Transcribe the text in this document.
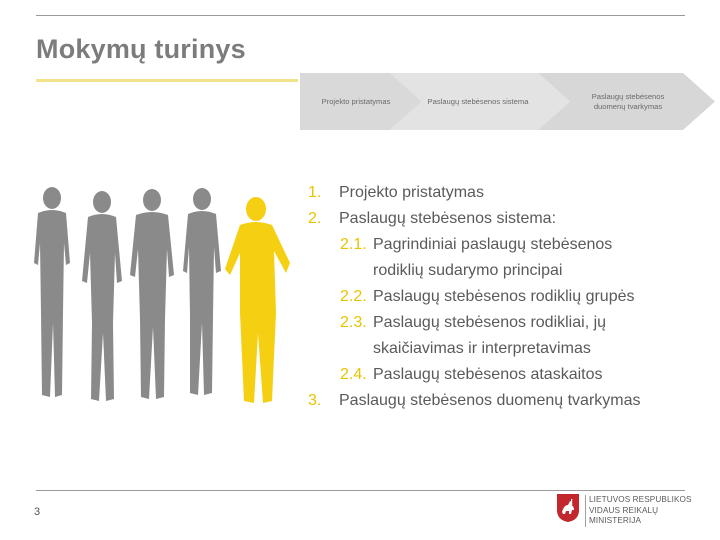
Mokymų turinys
Projekto pristatymas	Paslaugų stebėsenos sistema
Paslaugų stebėsenos duomenų tvarkymas
1. Projekto pristatymas
2. Paslaugų stebėsenos sistema:
2.1. Pagrindiniai paslaugų stebėsenos
rodiklių sudarymo principai
2.2. Paslaugų stebėsenos rodiklių grupės
2.3. Paslaugų stebėsenos rodikliai, jų
skaičiavimas ir interpretavimas
2.4. Paslaugų stebėsenos ataskaitos
3. Paslaugų stebėsenos duomenų tvarkymas
3
LIETUVOS RESPUBLIKOS
VIDAUS REIKALŲ
MINISTERIJA
